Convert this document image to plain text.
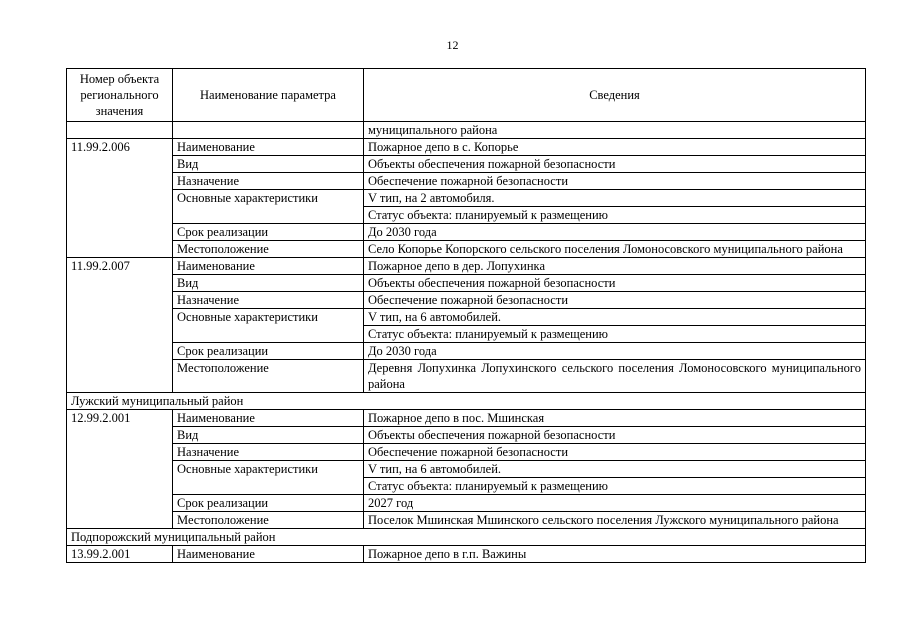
12
Номер объекта регионального значения	Наименование параметра	Сведения
		муниципального района
11.99.2.006	Наименование	Пожарное депо в с. Копорье
	Вид	Объекты обеспечения пожарной безопасности
	Назначение	Обеспечение пожарной безопасности
	Основные характеристики	V тип, на 2 автомобиля.
		Статус объекта: планируемый к размещению
	Срок реализации	До 2030 года
	Местоположение	Село Копорье Копорского сельского поселения Ломоносовского муниципального района
11.99.2.007	Наименование	Пожарное депо в дер. Лопухинка
	Вид	Объекты обеспечения пожарной безопасности
	Назначение	Обеспечение пожарной безопасности
	Основные характеристики	V тип, на 6 автомобилей.
		Статус объекта: планируемый к размещению
	Срок реализации	До 2030 года
	Местоположение	Деревня Лопухинка Лопухинского сельского поселения Ломоносовского муниципального района
Лужский муниципальный район		
12.99.2.001	Наименование	Пожарное депо в пос. Мшинская
	Вид	Объекты обеспечения пожарной безопасности
	Назначение	Обеспечение пожарной безопасности
	Основные характеристики	V тип, на 6 автомобилей.
		Статус объекта: планируемый к размещению
	Срок реализации	2027 год
	Местоположение	Поселок Мшинская Мшинского сельского поселения Лужского муниципального района
Подпорожский муниципальный район		
13.99.2.001	Наименование	Пожарное депо в г.п. Важины
